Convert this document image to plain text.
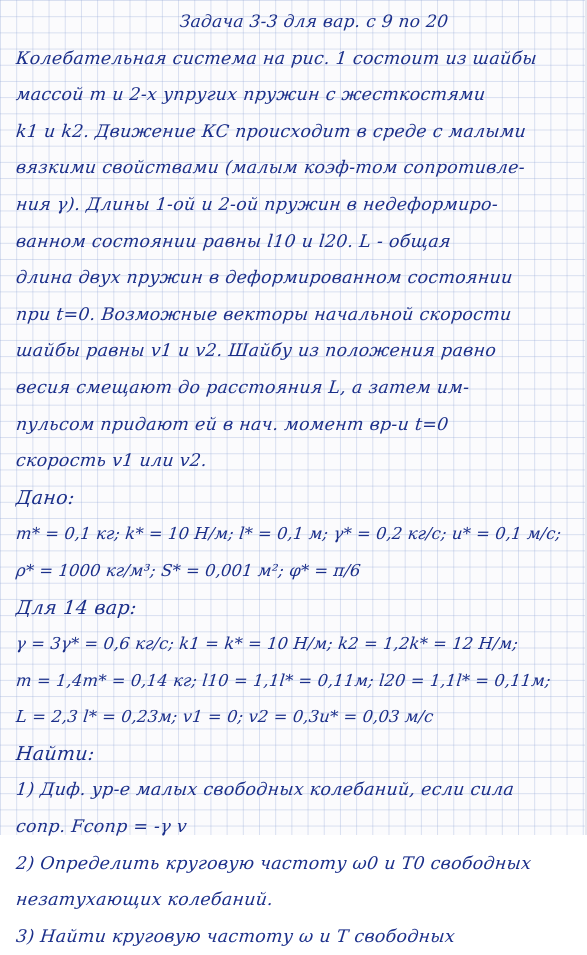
Задача 3-3 для вар. с 9 по 20
Колебательная система на рис. 1 состоит из шайбы
массой m и 2-х упругих пружин с жесткостями
k1 и k2. Движение КС происходит в среде с малыми
вязкими свойствами (малым коэф-том сопротивле-
ния γ). Длины 1-ой и 2-ой пружин в недеформиро-
ванном состоянии равны l10 и l20. L - общая
длина двух пружин в деформированном состоянии
при t=0. Возможные векторы начальной скорости
шайбы равны v1 и v2. Шайбу из положения равно
весия смещают до расстояния L, а затем им-
пульсом придают ей в нач. момент вр-и t=0
скорость v1 или v2.
Дано:
m* = 0,1 кг; k* = 10 Н/м; l* = 0,1 м; γ* = 0,2 кг/с; u* = 0,1 м/с;
ρ* = 1000 кг/м³; S* = 0,001 м²; φ* = π/6
Для 14 вар:
γ = 3γ* = 0,6 кг/с; k1 = k* = 10 Н/м; k2 = 1,2k* = 12 Н/м;
m = 1,4m* = 0,14 кг; l10 = 1,1l* = 0,11м; l20 = 1,1l* = 0,11м;
L = 2,3 l* = 0,23м; v1 = 0; v2 = 0,3u* = 0,03 м/с
Найти:
1) Диф. ур-е малых свободных колебаний, если сила
сопр. Fсопр = -γ v
2) Определить круговую частоту ω0 и T0 свободных
незатухающих колебаний.
3) Найти круговую частоту ω и T свободных
